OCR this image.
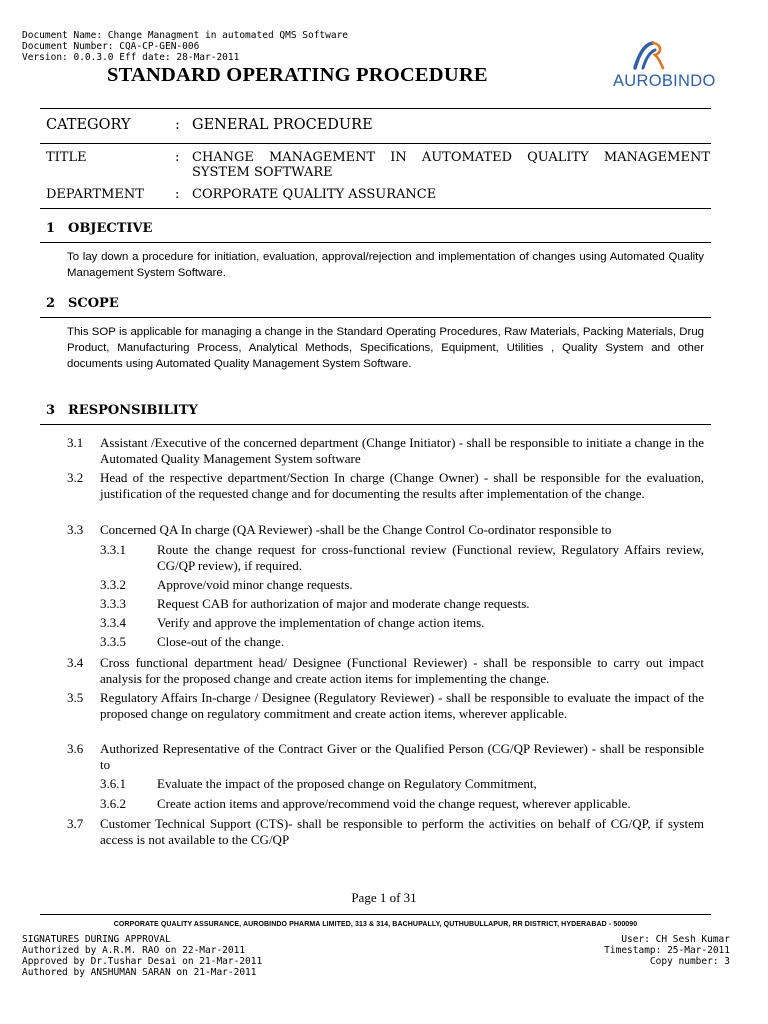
Document Name: Change Managment in automated QMS Software
Document Number: CQA-CP-GEN-006
Version: 0.0.3.0 Eff date: 28-Mar-2011
STANDARD OPERATING PROCEDURE	AUROBINDO
CATEGORY	: GENERAL PROCEDURE
TITLE	: CHANGE MANAGEMENT IN AUTOMATED QUALITY MANAGEMENT SYSTEM SOFTWARE
DEPARTMENT : CORPORATE QUALITY ASSURANCE
1 OBJECTIVE
To lay down a procedure for initiation, evaluation, approval/rejection and implementation of changes using Automated Quality Management System Software.
2 SCOPE
This SOP is applicable for managing a change in the Standard Operating Procedures, Raw Materials, Packing Materials, Drug Product, Manufacturing Process, Analytical Methods, Specifications, Equipment, Utilities , Quality System and other documents using Automated Quality Management System Software.
3 RESPONSIBILITY
3.1 Assistant /Executive of the concerned department (Change Initiator) - shall be responsible to initiate a change in the Automated Quality Management System software
3.2 Head of the respective department/Section In charge (Change Owner) - shall be responsible for the evaluation, justification of the requested change and for documenting the results after implementation of the change.
3.3 Concerned QA In charge (QA Reviewer) -shall be the Change Control Co-ordinator responsible to
3.3.1 Route the change request for cross-functional review (Functional review, Regulatory Affairs review, CG/QP review), if required.
3.3.2 Approve/void minor change requests.
3.3.3 Request CAB for authorization of major and moderate change requests.
3.3.4 Verify and approve the implementation of change action items.
3.3.5 Close-out of the change.
3.4 Cross functional department head/ Designee (Functional Reviewer) - shall be responsible to carry out impact analysis for the proposed change and create action items for implementing the change.
3.5 Regulatory Affairs In-charge / Designee (Regulatory Reviewer) - shall be responsible to evaluate the impact of the proposed change on regulatory commitment and create action items, wherever applicable.
3.6 Authorized Representative of the Contract Giver or the Qualified Person (CG/QP Reviewer) - shall be responsible to
3.6.1 Evaluate the impact of the proposed change on Regulatory Commitment,
3.6.2 Create action items and approve/recommend void the change request, wherever applicable.
3.7 Customer Technical Support (CTS)- shall be responsible to perform the activities on behalf of CG/QP, if system access is not available to the CG/QP
Page 1 of 31
CORPORATE QUALITY ASSURANCE, AUROBINDO PHARMA LIMITED, 313 & 314, BACHUPALLY, QUTHUBULLAPUR, RR DISTRICT, HYDERABAD - 500090
SIGNATURES DURING APPROVAL
Authorized by A.R.M. RAO on 22-Mar-2011
Approved by Dr.Tushar Desai on 21-Mar-2011
Authored by ANSHUMAN SARAN on 21-Mar-2011
User: CH Sesh Kumar
Timestamp: 25-Mar-2011
Copy number: 3
